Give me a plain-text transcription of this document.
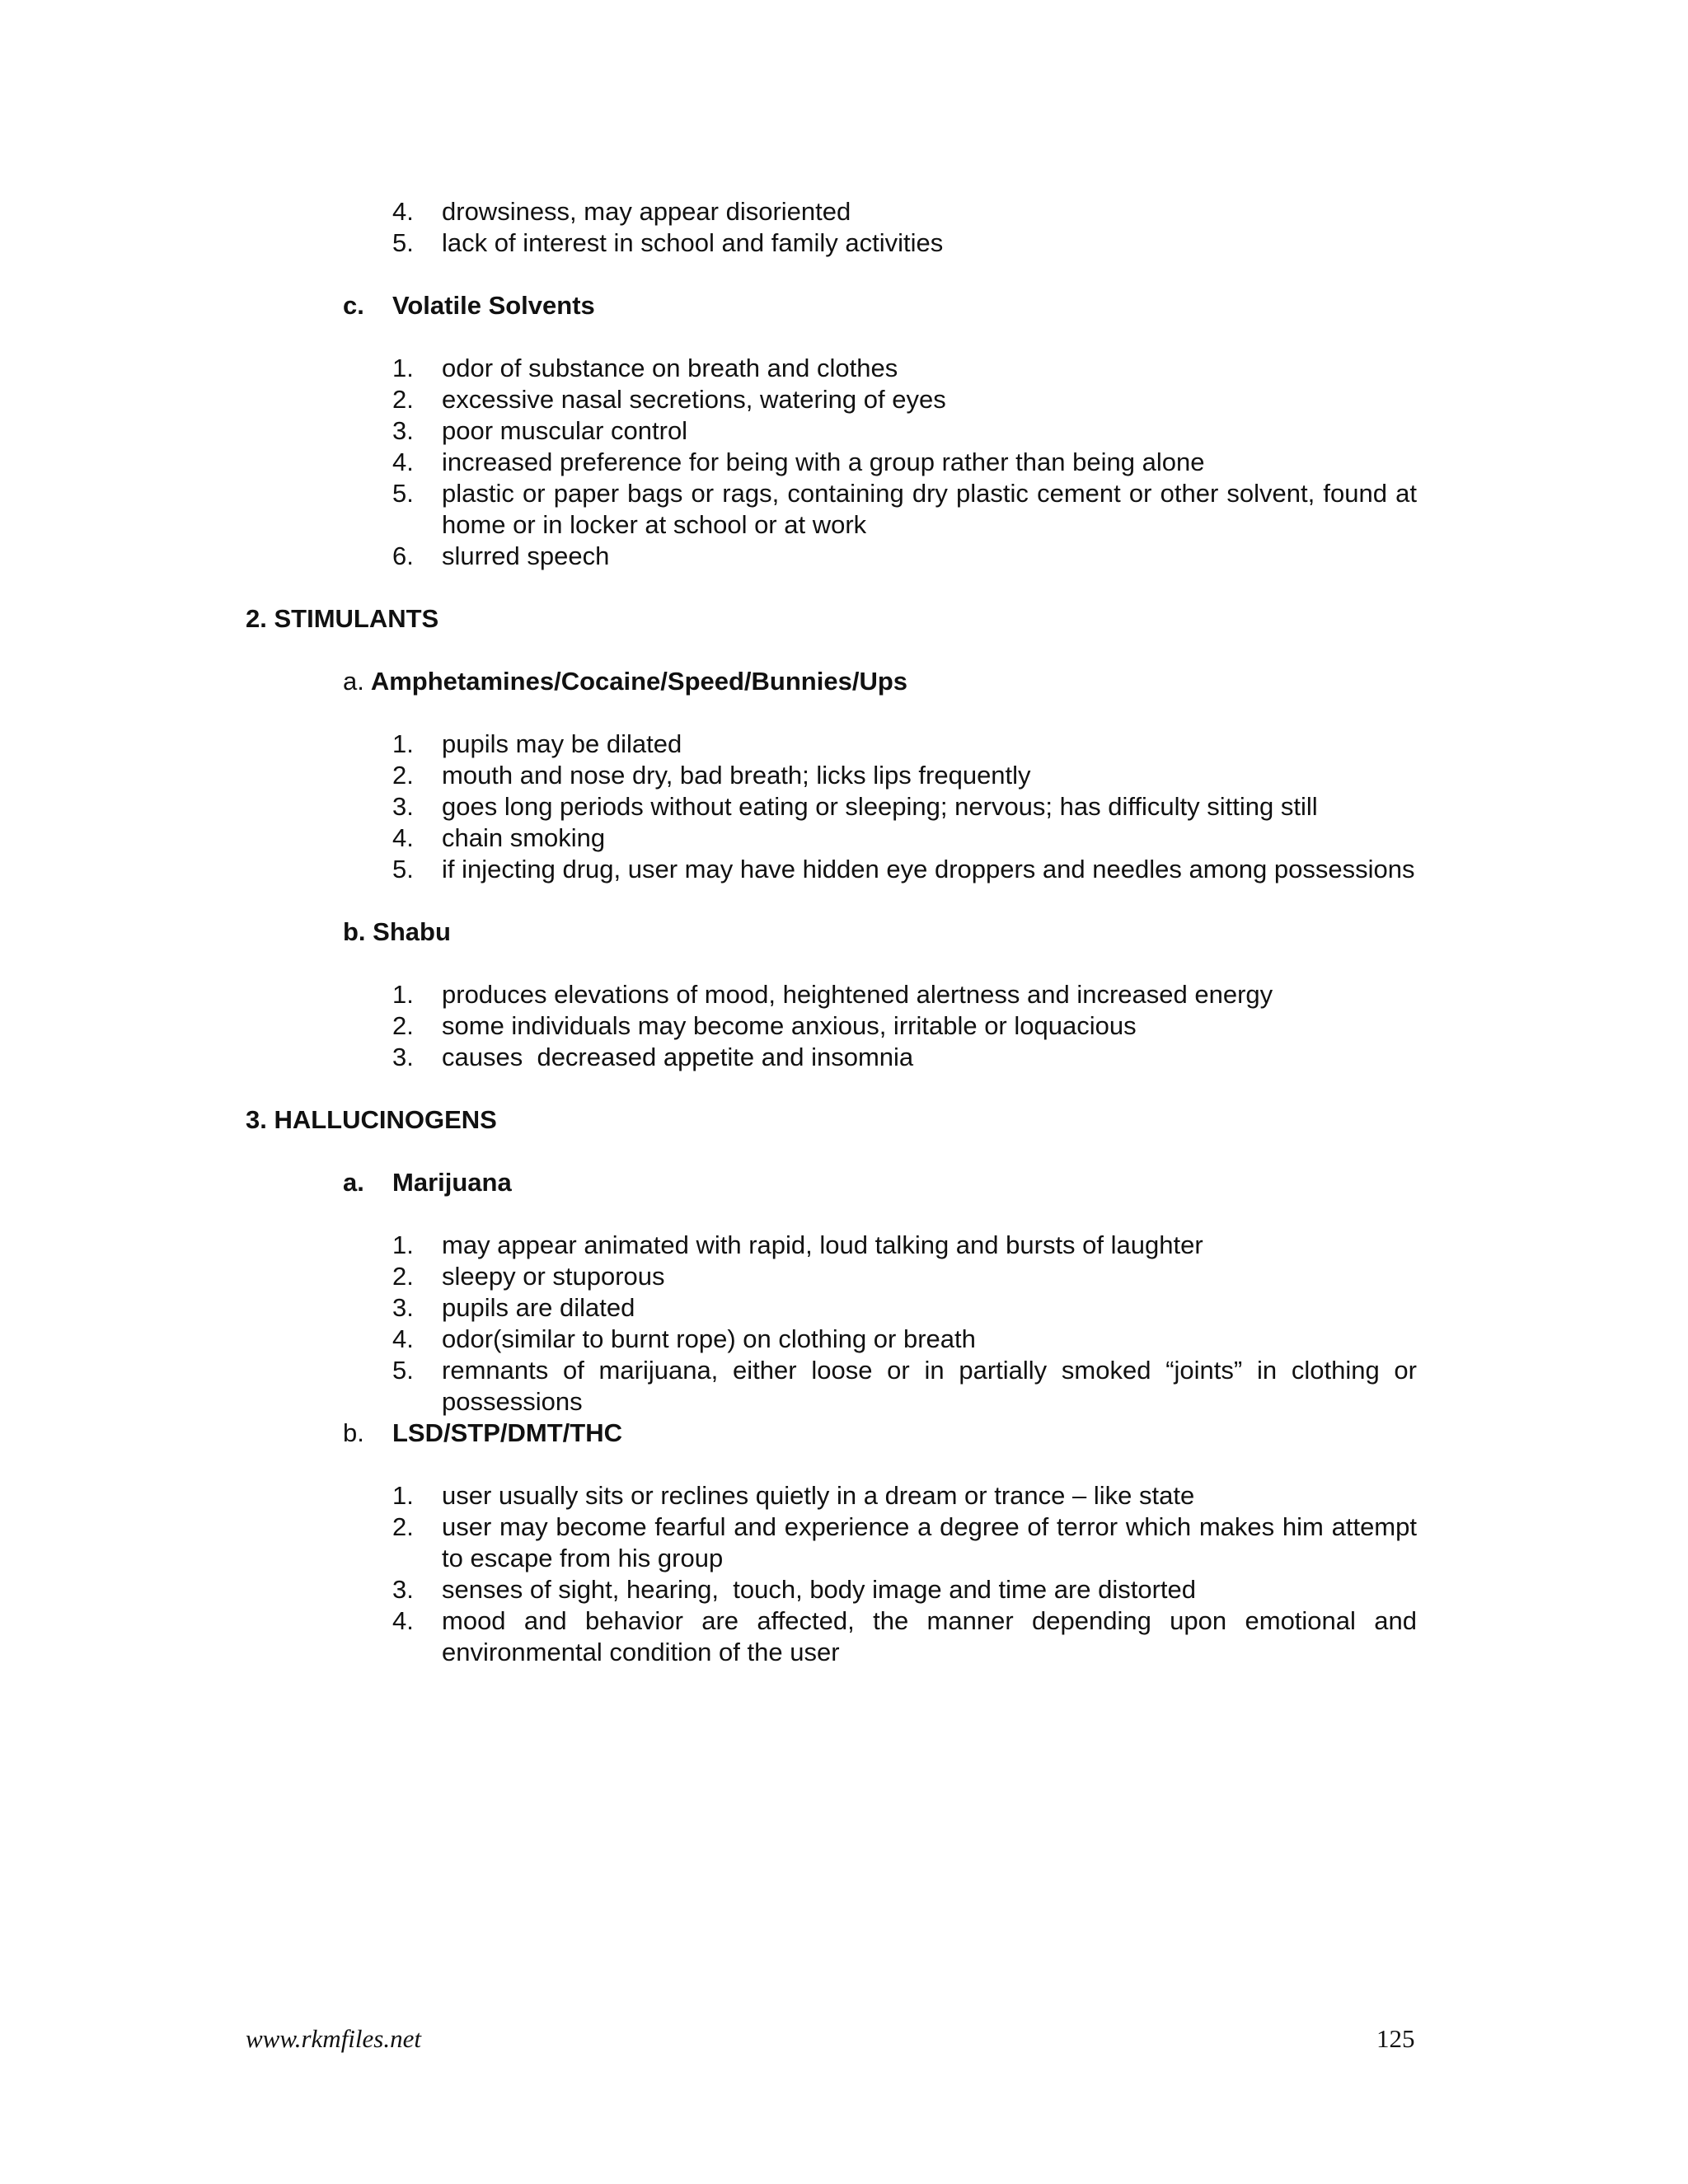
4.	drowsiness, may appear disoriented
5.	lack of interest in school and family activities
c.	Volatile Solvents
1.	odor of substance on breath and clothes
2.	excessive nasal secretions, watering of eyes
3.	poor muscular control
4.	increased preference for being with a group rather than being alone
5.	plastic or paper bags or rags, containing dry plastic cement or other solvent, found at home or in locker at school or at work
6.	slurred speech
2. STIMULANTS
a. Amphetamines/Cocaine/Speed/Bunnies/Ups
1.	pupils may be dilated
2.	mouth and nose dry, bad breath; licks lips frequently
3.	goes long periods without eating or sleeping; nervous; has difficulty sitting still
4.	chain smoking
5.	if injecting drug, user may have hidden eye droppers and needles among possessions
b. Shabu
1.	produces elevations of mood, heightened alertness and increased energy
2.	some individuals may become anxious, irritable or loquacious
3.	causes  decreased appetite and insomnia
3. HALLUCINOGENS
a.	Marijuana
1.	may appear animated with rapid, loud talking and bursts of laughter
2.	sleepy or stuporous
3.	pupils are dilated
4.	odor(similar to burnt rope) on clothing or breath
5.	remnants of marijuana, either loose or in partially smoked “joints” in clothing or possessions
b.	LSD/STP/DMT/THC
1.	user usually sits or reclines quietly in a dream or trance – like state
2.	user may become fearful and experience a degree of terror which makes him attempt to escape from his group
3.	senses of sight, hearing,  touch, body image and time are distorted
4.	mood and behavior are affected, the manner depending upon emotional and environmental condition of the user
www.rkmfiles.net	125
